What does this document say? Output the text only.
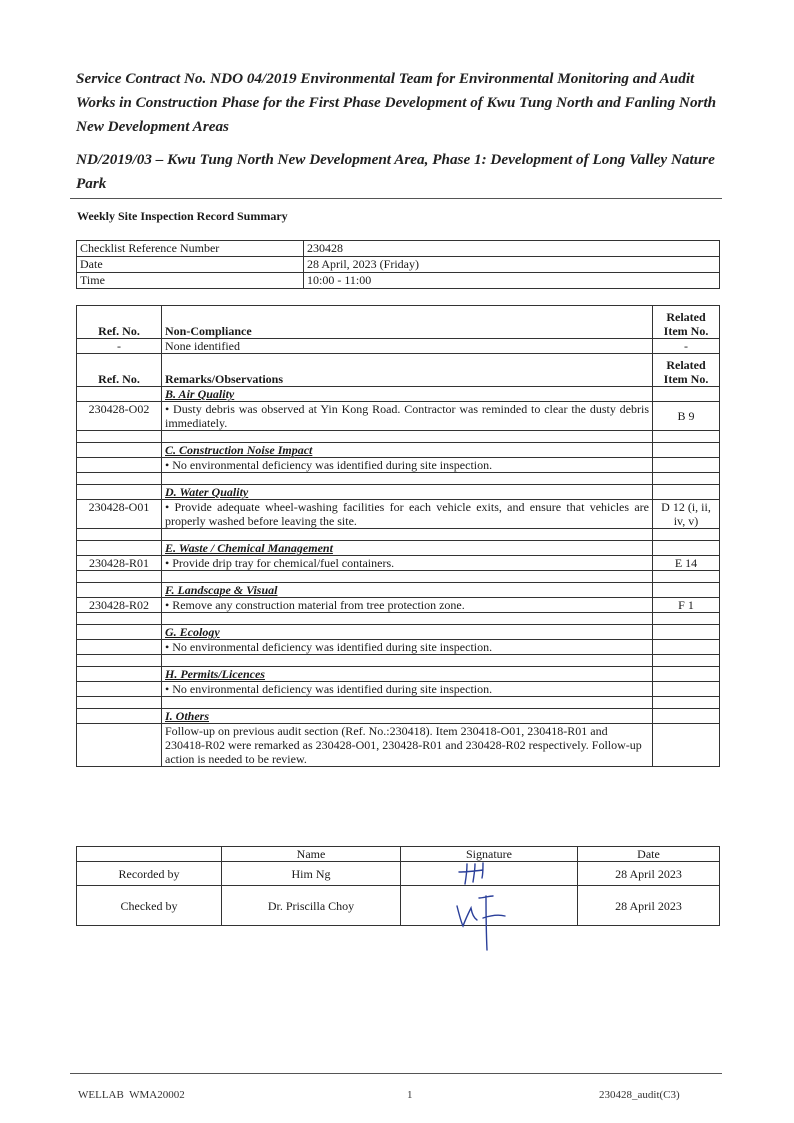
Service Contract No. NDO 04/2019 Environmental Team for Environmental Monitoring and Audit Works in Construction Phase for the First Phase Development of Kwu Tung North and Fanling North New Development Areas
ND/2019/03 – Kwu Tung North New Development Area, Phase 1: Development of Long Valley Nature Park
Weekly Site Inspection Record Summary
Checklist Reference Number	230428
Date	28 April, 2023 (Friday)
Time	10:00 - 11:00
Ref. No.	Non-Compliance	Related Item No.
-	None identified	-
Ref. No.	Remarks/Observations	Related Item No.
	B. Air Quality	
230428-O02	• Dusty debris was observed at Yin Kong Road. Contractor was reminded to clear the dusty debris immediately.	B 9

	C. Construction Noise Impact	
	• No environmental deficiency was identified during site inspection.	

	D. Water Quality	
230428-O01	• Provide adequate wheel-washing facilities for each vehicle exits, and ensure that vehicles are properly washed before leaving the site.	D 12 (i, ii, iv, v)

	E. Waste / Chemical Management	
230428-R01	• Provide drip tray for chemical/fuel containers.	E 14

	F. Landscape & Visual	
230428-R02	• Remove any construction material from tree protection zone.	F 1

	G. Ecology	
	• No environmental deficiency was identified during site inspection.	

	H. Permits/Licences	
	• No environmental deficiency was identified during site inspection.	

	I. Others	
	Follow-up on previous audit section (Ref. No.:230418). Item 230418-O01, 230418-R01 and 230418-R02 were remarked as 230428-O01, 230428-R01 and 230428-R02 respectively. Follow-up action is needed to be review.	
	Name	Signature	Date
Recorded by	Him Ng		28 April 2023
Checked by	Dr. Priscilla Choy		28 April 2023
WELLAB  WMA20002	1	230428_audit(C3)
